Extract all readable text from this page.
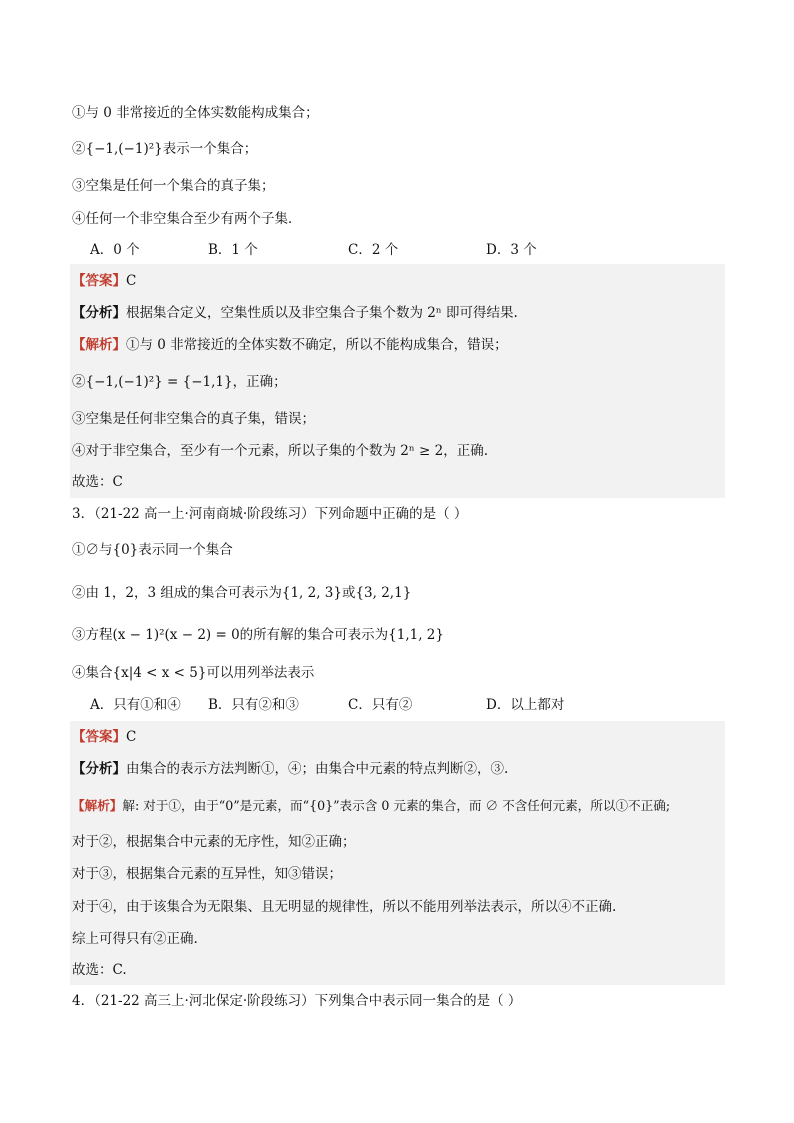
①与 0 非常接近的全体实数能构成集合；
②{−1,(−1)²}表示一个集合；
③空集是任何一个集合的真子集；
④任何一个非空集合至少有两个子集．
A．0 个	B．1 个	C．2 个	D．3 个
【答案】C
【分析】根据集合定义，空集性质以及非空集合子集个数为 2ⁿ 即可得结果.
【解析】①与 0 非常接近的全体实数不确定，所以不能构成集合，错误；
②{−1,(−1)²} = {−1,1}，正确；
③空集是任何非空集合的真子集，错误；
④对于非空集合，至少有一个元素，所以子集的个数为 2ⁿ ≥ 2，正确.
故选：C
3．（21-22 高一上·河南商城·阶段练习）下列命题中正确的是（ ）
①∅与{0}表示同一个集合
②由 1，2，3 组成的集合可表示为{1, 2, 3}或{3, 2,1}
③方程(x − 1)²(x − 2) = 0的所有解的集合可表示为{1,1, 2}
④集合{x|4 < x < 5}可以用列举法表示
A．只有①和④ B．只有②和③	C．只有②	D．以上都对
【答案】C
【分析】由集合的表示方法判断①，④；由集合中元素的特点判断②，③.
【解析】解: 对于①，由于“0”是元素，而“{0}”表示含 0 元素的集合，而 ∅ 不含任何元素，所以①不正确;
对于②，根据集合中元素的无序性，知②正确；
对于③，根据集合元素的互异性，知③错误；
对于④，由于该集合为无限集、且无明显的规律性，所以不能用列举法表示，所以④不正确.
综上可得只有②正确.
故选：C.
4．（21-22 高三上·河北保定·阶段练习）下列集合中表示同一集合的是（ ）
